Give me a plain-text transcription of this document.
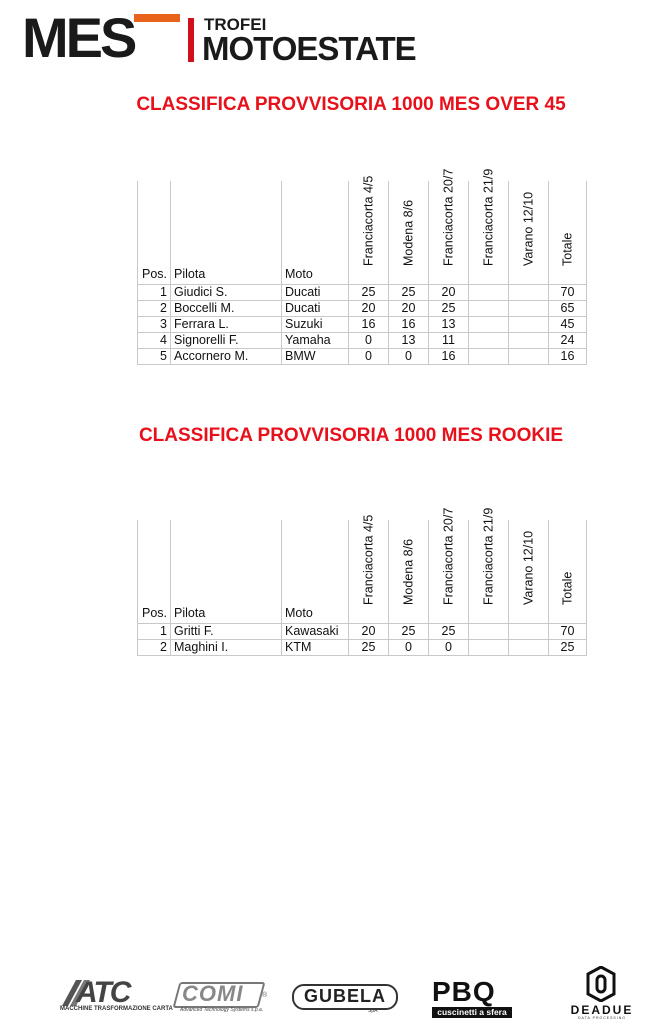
MES	TROFEI
MOTOESTATE
CLASSIFICA PROVVISORIA 1000 MES OVER 45
Pos.	Pilota	Moto	Franciacorta 4/5	Modena 8/6	Franciacorta 20/7	Franciacorta 21/9	Varano 12/10	Totale

1	Giudici S.	Ducati	25	25	20			70
2	Boccelli M.	Ducati	20	20	25			65
3	Ferrara L.	Suzuki	16	16	13			45
4	Signorelli F.	Yamaha	0	13	11			24
5	Accornero M.	BMW	0	0	16			16
CLASSIFICA PROVVISORIA 1000 MES ROOKIE
Pos.	Pilota	Moto	Franciacorta 4/5	Modena 8/6	Franciacorta 20/7	Franciacorta 21/9	Varano 12/10	Totale

1	Gritti F.	Kawasaki	20	25	25			70
2	Maghini I.	KTM	25	0	0			25
ATC
MACCHINE TRASFORMAZIONE CARTA
COMI	®
Advanced Technology Systems s.p.a.
GUBELA
SpA
PBQ
cuscinetti a sfera	DEADUE
DATA PROCESSING
